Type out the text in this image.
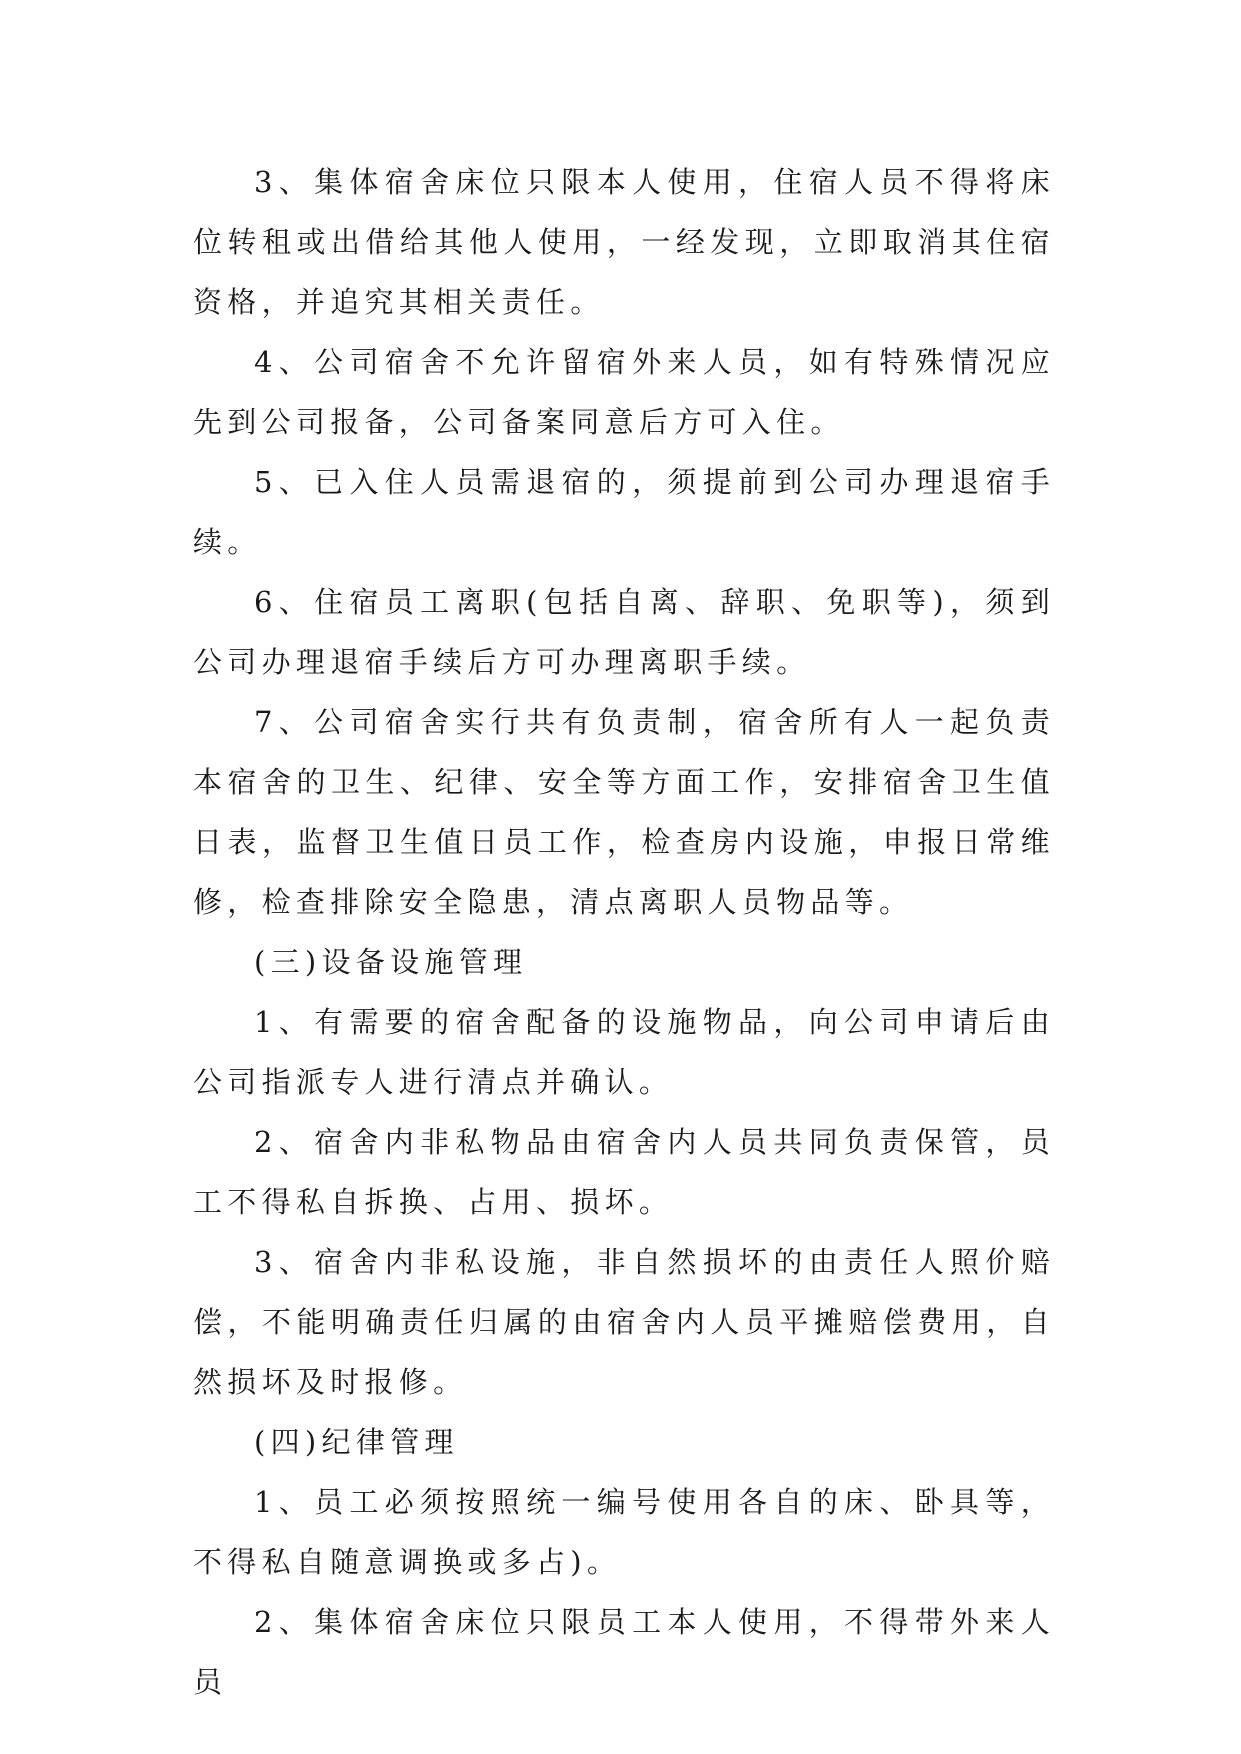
3、集体宿舍床位只限本人使用，住宿人员不得将床位转租或出借给其他人使用，一经发现，立即取消其住宿资格，并追究其相关责任。

4、公司宿舍不允许留宿外来人员，如有特殊情况应先到公司报备，公司备案同意后方可入住。

5、已入住人员需退宿的，须提前到公司办理退宿手续。

6、住宿员工离职(包括自离、辞职、免职等)，须到公司办理退宿手续后方可办理离职手续。

7、公司宿舍实行共有负责制，宿舍所有人一起负责本宿舍的卫生、纪律、安全等方面工作，安排宿舍卫生值日表，监督卫生值日员工作，检查房内设施，申报日常维修，检查排除安全隐患，清点离职人员物品等。

(三)设备设施管理

1、有需要的宿舍配备的设施物品，向公司申请后由公司指派专人进行清点并确认。

2、宿舍内非私物品由宿舍内人员共同负责保管，员工不得私自拆换、占用、损坏。

3、宿舍内非私设施，非自然损坏的由责任人照价赔偿，不能明确责任归属的由宿舍内人员平摊赔偿费用，自然损坏及时报修。

(四)纪律管理

1、员工必须按照统一编号使用各自的床、卧具等，不得私自随意调换或多占)。

2、集体宿舍床位只限员工本人使用，不得带外来人员
